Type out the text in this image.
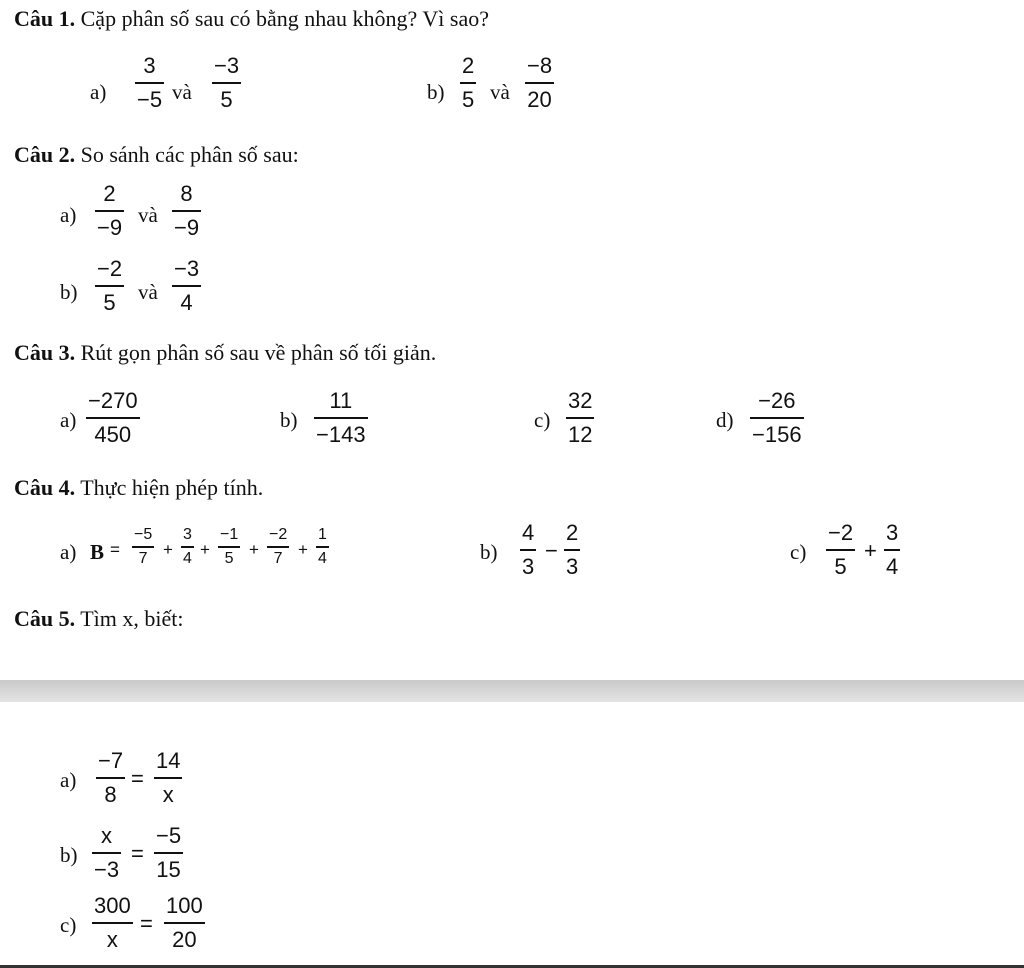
Câu 1. Cặp phân số sau có bằng nhau không? Vì sao?
a)
3
−5 và
−3
5	b)
2
5 và
−8
20
Câu 2. So sánh các phân số sau:
a)
2
−9 và
8
−9
b)
−2
5 và
−3
4
Câu 3. Rút gọn phân số sau về phân số tối giản.
a)
−270
450
b)
11
−143
c)
32
12
d)
−26
−156
Câu 4. Thực hiện phép tính.
a) B =
−5
7 +
3
4 +
−1
5 +
−2
7 +
1
4	b)
4
3
−
2
3
c)
−2
5
+
3
4
Câu 5. Tìm x, biết:
a)
−7
8
=
14
x
b)
x
−3
=
−5
15
c)
300
x
=
100
20
